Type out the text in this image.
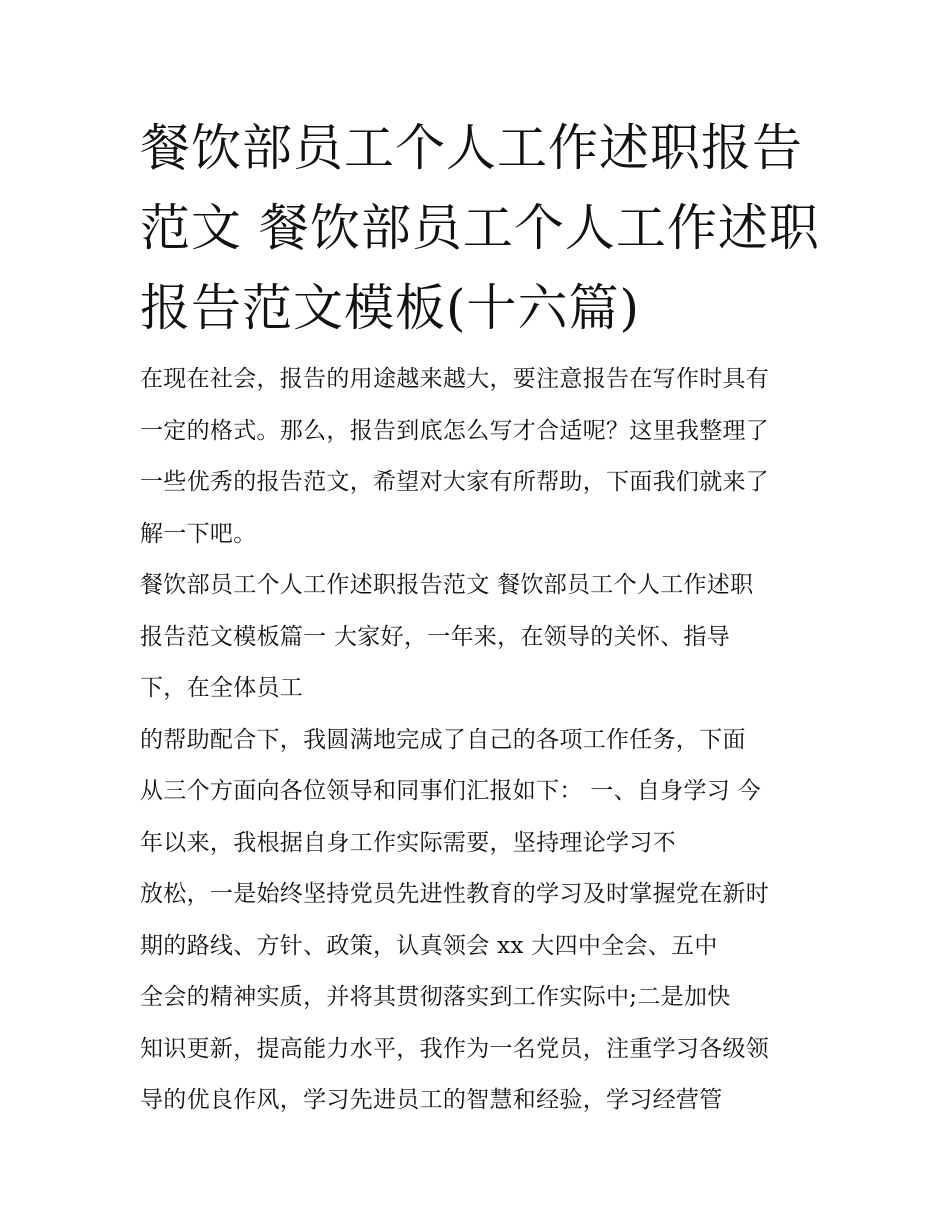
餐饮部员工个人工作述职报告
范文 餐饮部员工个人工作述职
报告范文模板(十六篇)
在现在社会，报告的用途越来越大，要注意报告在写作时具有
一定的格式。那么，报告到底怎么写才合适呢？这里我整理了
一些优秀的报告范文，希望对大家有所帮助，下面我们就来了
解一下吧。
餐饮部员工个人工作述职报告范文 餐饮部员工个人工作述职
报告范文模板篇一 大家好，一年来，在领导的关怀、指导
下，在全体员工
的帮助配合下，我圆满地完成了自己的各项工作任务，下面
从三个方面向各位领导和同事们汇报如下： 一、自身学习 今
年以来，我根据自身工作实际需要，坚持理论学习不
放松，一是始终坚持党员先进性教育的学习及时掌握党在新时
期的路线、方针、政策，认真领会 xx 大四中全会、五中
全会的精神实质，并将其贯彻落实到工作实际中;二是加快
知识更新，提高能力水平，我作为一名党员，注重学习各级领
导的优良作风，学习先进员工的智慧和经验，学习经营管
